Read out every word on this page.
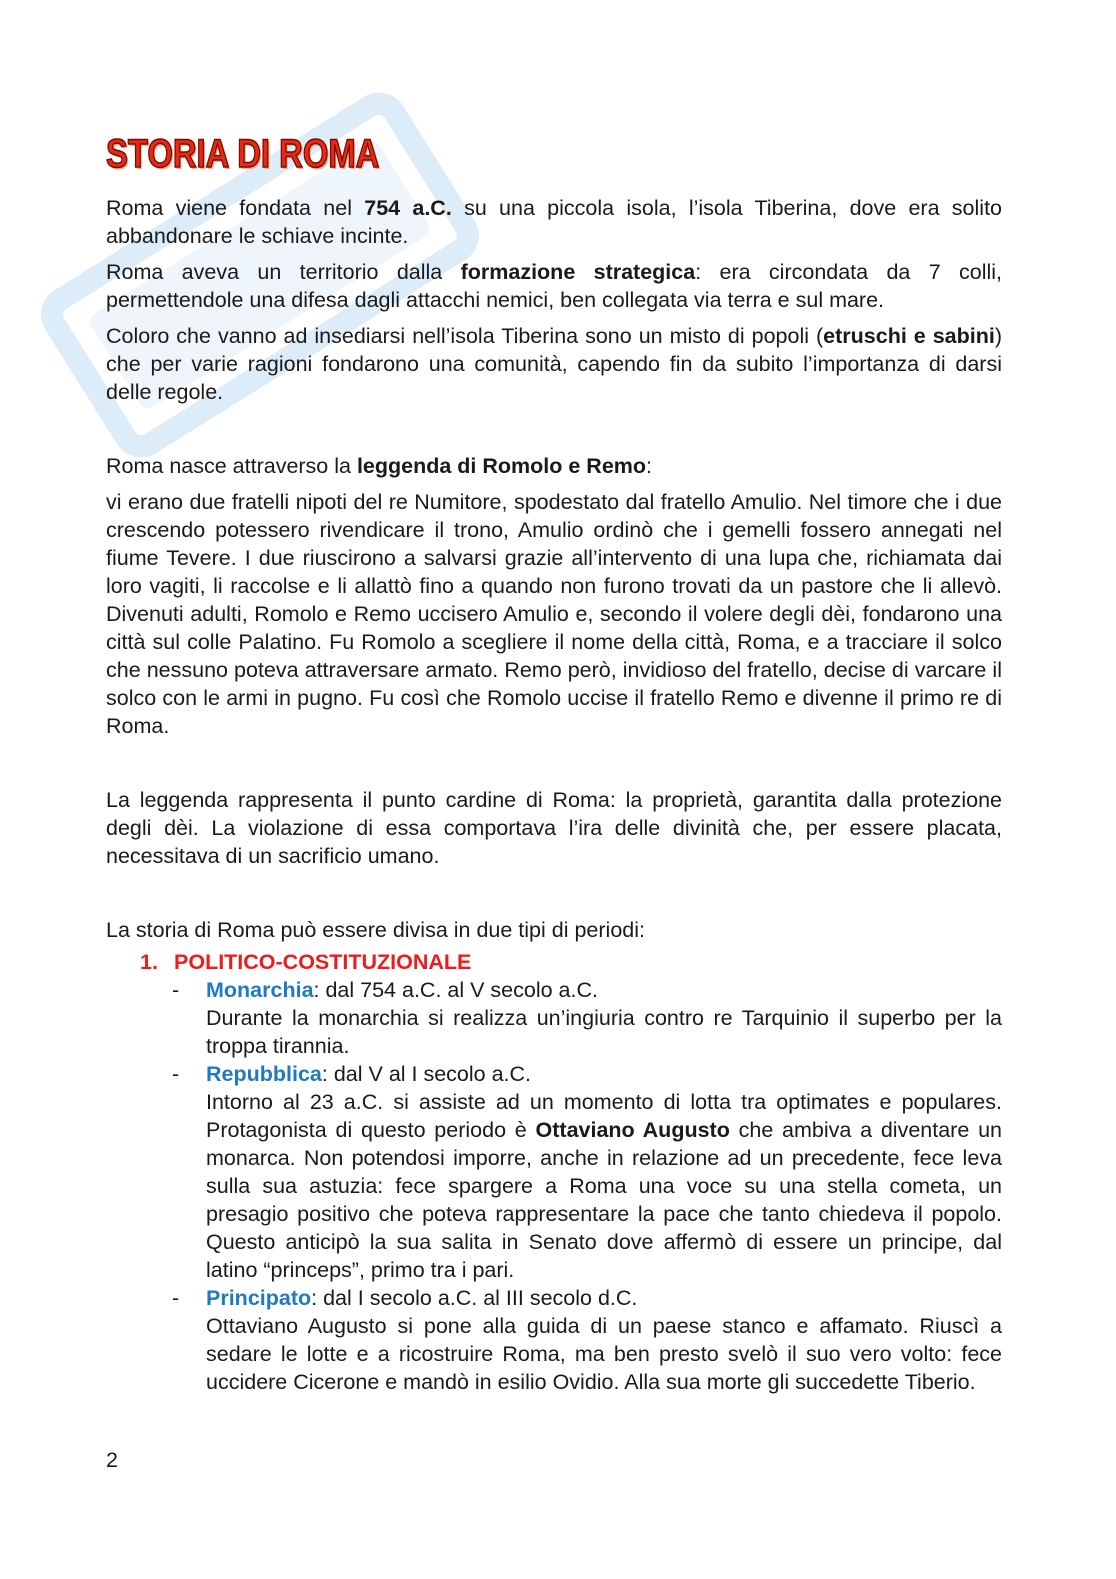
STORIA DI ROMA

Roma viene fondata nel 754 a.C. su una piccola isola, l’isola Tiberina, dove era solito abbandonare le schiave incinte.

Roma aveva un territorio dalla formazione strategica: era circondata da 7 colli, permettendole una difesa dagli attacchi nemici, ben collegata via terra e sul mare.

Coloro che vanno ad insediarsi nell’isola Tiberina sono un misto di popoli (etruschi e sabini) che per varie ragioni fondarono una comunità, capendo fin da subito l’importanza di darsi delle regole.

Roma nasce attraverso la leggenda di Romolo e Remo:

vi erano due fratelli nipoti del re Numitore, spodestato dal fratello Amulio. Nel timore che i due crescendo potessero rivendicare il trono, Amulio ordinò che i gemelli fossero annegati nel fiume Tevere. I due riuscirono a salvarsi grazie all’intervento di una lupa che, richiamata dai loro vagiti, li raccolse e li allattò fino a quando non furono trovati da un pastore che li allevò. Divenuti adulti, Romolo e Remo uccisero Amulio e, secondo il volere degli dèi, fondarono una città sul colle Palatino. Fu Romolo a scegliere il nome della città, Roma, e a tracciare il solco che nessuno poteva attraversare armato. Remo però, invidioso del fratello, decise di varcare il solco con le armi in pugno. Fu così che Romolo uccise il fratello Remo e divenne il primo re di Roma.

La leggenda rappresenta il punto cardine di Roma: la proprietà, garantita dalla protezione degli dèi. La violazione di essa comportava l’ira delle divinità che, per essere placata, necessitava di un sacrificio umano.

La storia di Roma può essere divisa in due tipi di periodi:

1. POLITICO-COSTITUZIONALE
- Monarchia: dal 754 a.C. al V secolo a.C.

Durante la monarchia si realizza un’ingiuria contro re Tarquinio il superbo per la troppa tirannia.

- Repubblica: dal V al I secolo a.C.

Intorno al 23 a.C. si assiste ad un momento di lotta tra optimates e populares. Protagonista di questo periodo è Ottaviano Augusto che ambiva a diventare un monarca. Non potendosi imporre, anche in relazione ad un precedente, fece leva sulla sua astuzia: fece spargere a Roma una voce su una stella cometa, un presagio positivo che poteva rappresentare la pace che tanto chiedeva il popolo. Questo anticipò la sua salita in Senato dove affermò di essere un principe, dal latino “princeps”, primo tra i pari.

- Principato: dal I secolo a.C. al III secolo d.C.

Ottaviano Augusto si pone alla guida di un paese stanco e affamato. Riuscì a sedare le lotte e a ricostruire Roma, ma ben presto svelò il suo vero volto: fece uccidere Cicerone e mandò in esilio Ovidio. Alla sua morte gli succedette Tiberio.

2
